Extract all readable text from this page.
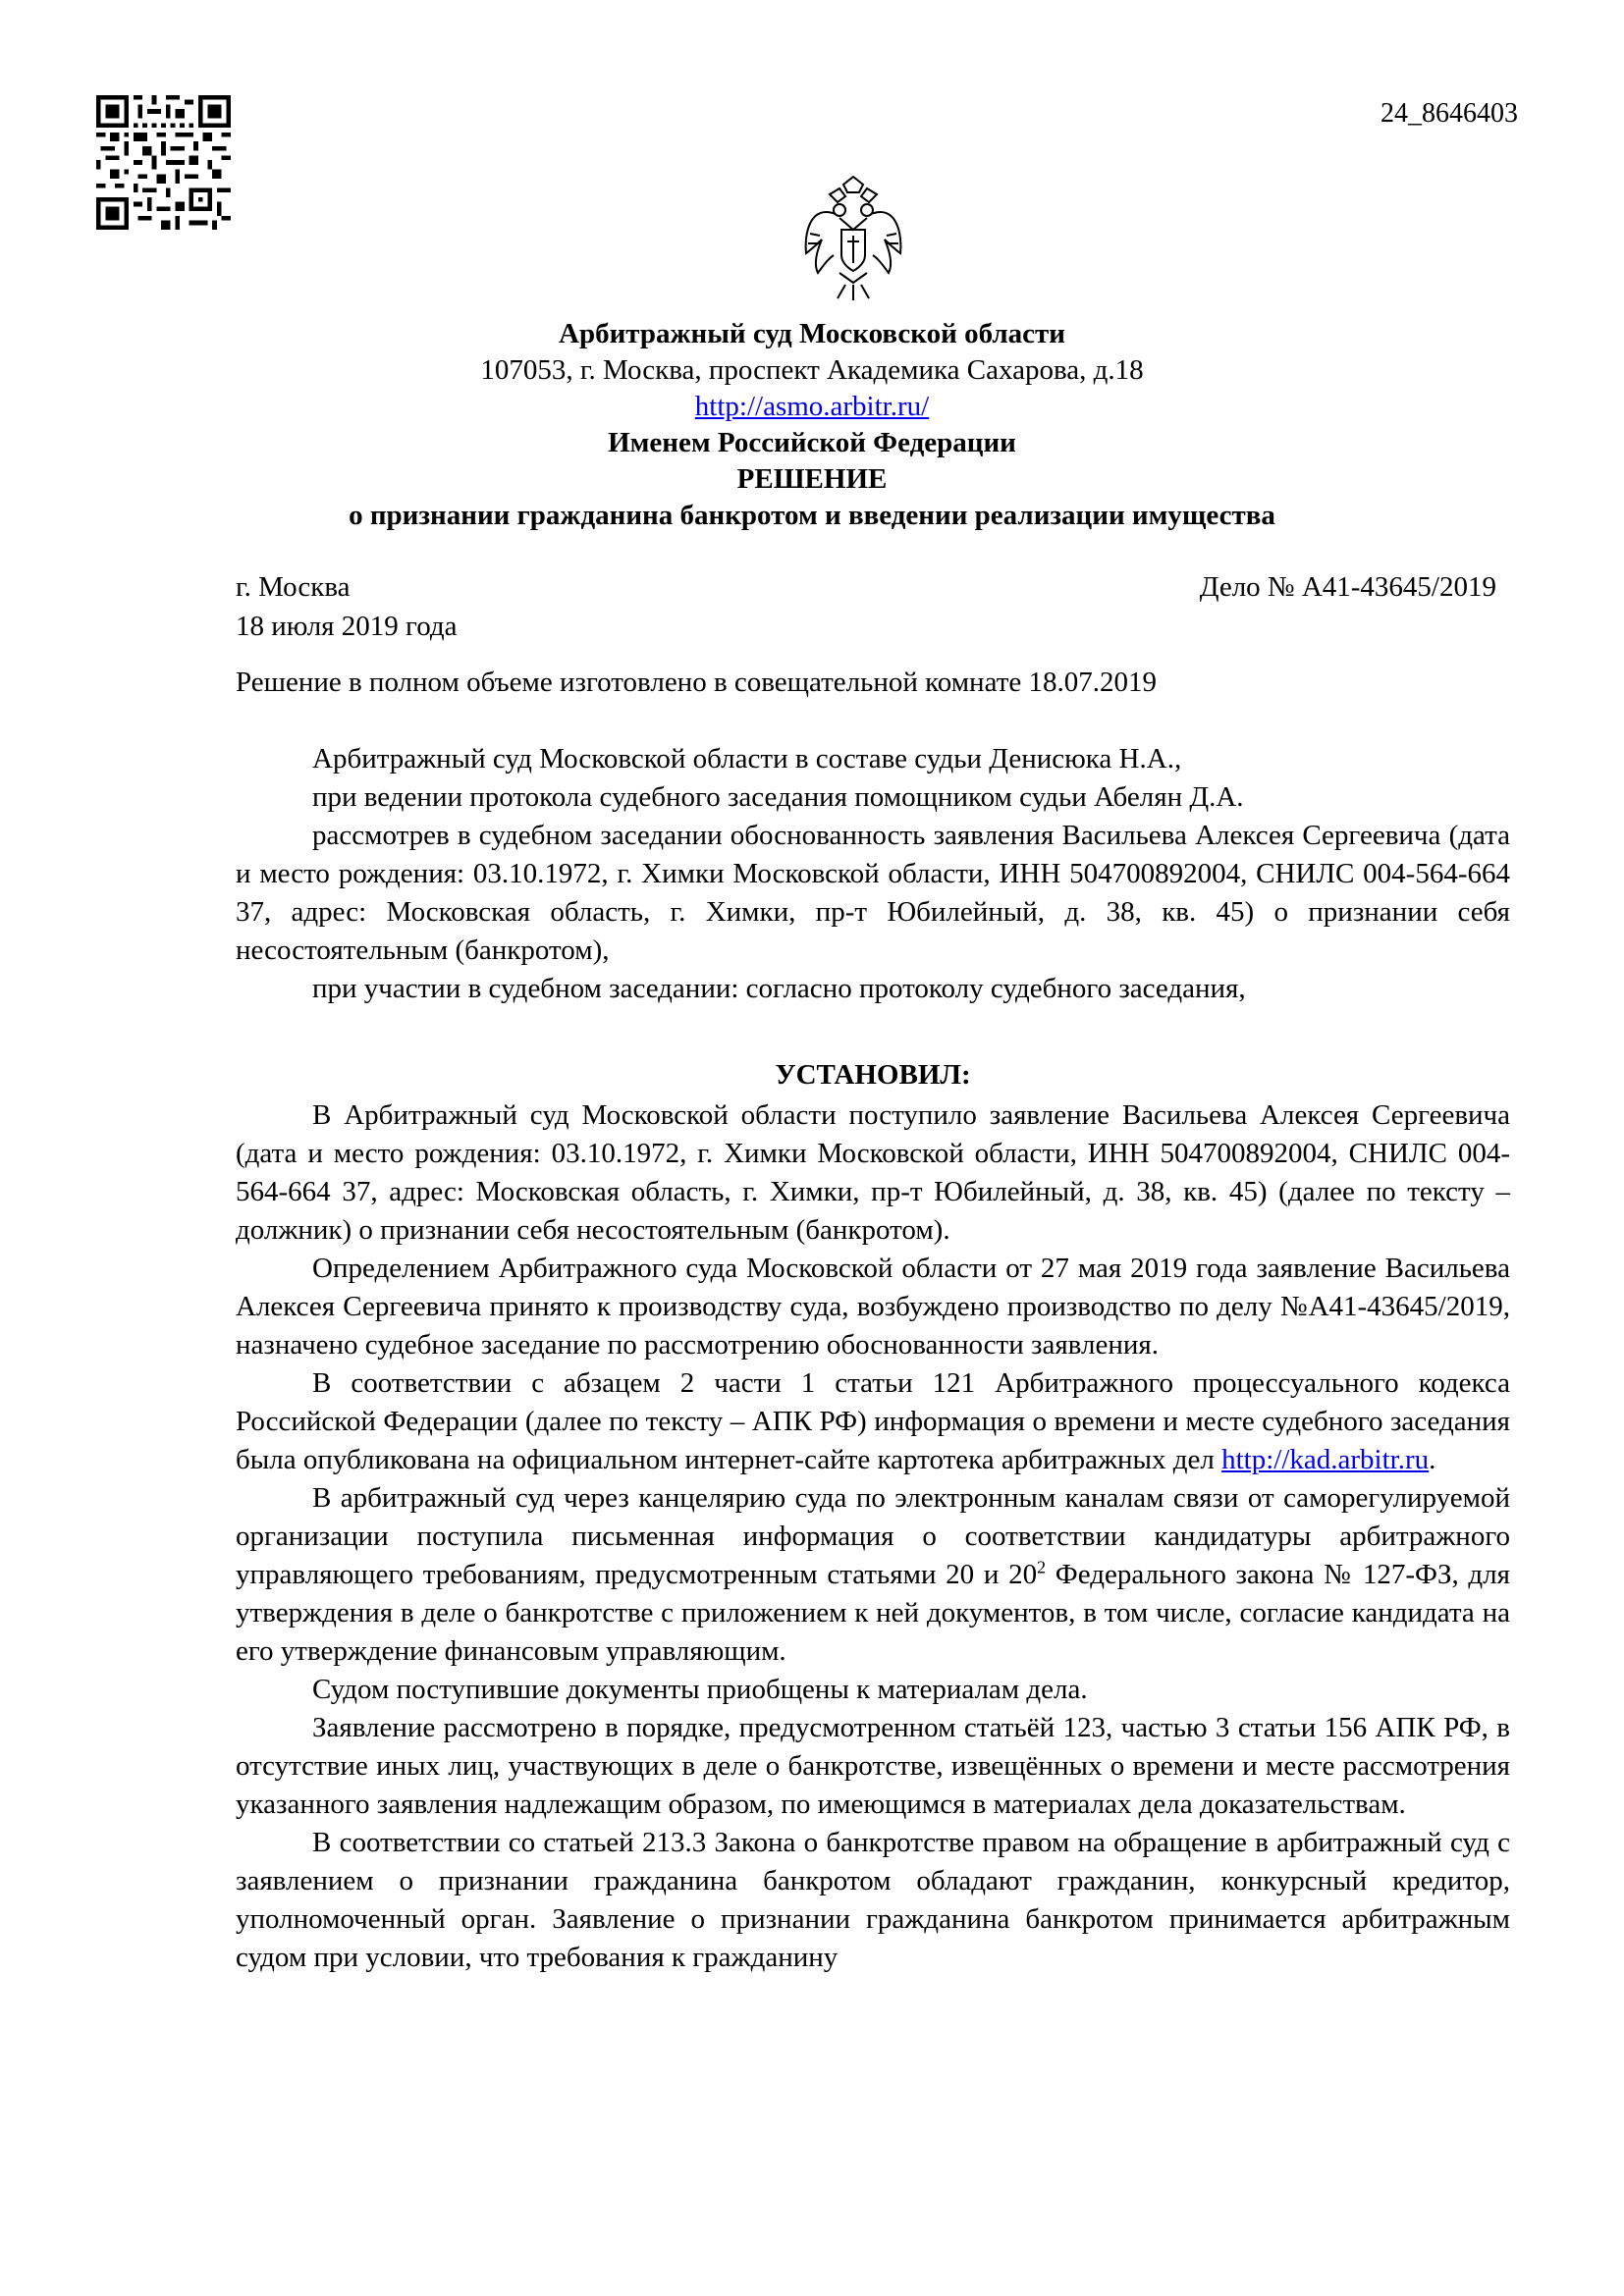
24_8646403
Арбитражный суд Московской области
107053, г. Москва, проспект Академика Сахарова, д.18
http://asmo.arbitr.ru/
Именем Российской Федерации
РЕШЕНИЕ
о признании гражданина банкротом и введении реализации имущества
г. Москва	Дело № А41-43645/2019
18 июля 2019 года

Решение в полном объеме изготовлено в совещательной комнате 18.07.2019

Арбитражный суд Московской области в составе судьи Денисюка Н.А.,

при ведении протокола судебного заседания помощником судьи Абелян Д.А.

рассмотрев в судебном заседании обоснованность заявления Васильева Алексея Сергеевича (дата и место рождения: 03.10.1972, г. Химки Московской области, ИНН 504700892004, СНИЛС 004-564-664 37, адрес: Московская область, г. Химки, пр-т Юбилейный, д. 38, кв. 45) о признании себя несостоятельным (банкротом),

при участии в судебном заседании: согласно протоколу судебного заседания,

УСТАНОВИЛ:

В Арбитражный суд Московской области поступило заявление Васильева Алексея Сергеевича (дата и место рождения: 03.10.1972, г. Химки Московской области, ИНН 504700892004, СНИЛС 004-564-664 37, адрес: Московская область, г. Химки, пр-т Юбилейный, д. 38, кв. 45) (далее по тексту – должник) о признании себя несостоятельным (банкротом).

Определением Арбитражного суда Московской области от 27 мая 2019 года заявление Васильева Алексея Сергеевича принято к производству суда, возбуждено производство по делу №А41-43645/2019, назначено судебное заседание по рассмотрению обоснованности заявления.

В соответствии с абзацем 2 части 1 статьи 121 Арбитражного процессуального кодекса Российской Федерации (далее по тексту – АПК РФ) информация о времени и месте судебного заседания была опубликована на официальном интернет-сайте картотека арбитражных дел http://kad.arbitr.ru.

В арбитражный суд через канцелярию суда по электронным каналам связи от саморегулируемой организации поступила письменная информация о соответствии кандидатуры арбитражного управляющего требованиям, предусмотренным статьями 20 и $20^2$ Федерального закона № 127-ФЗ, для утверждения в деле о банкротстве с приложением к ней документов, в том числе, согласие кандидата на его утверждение финансовым управляющим.

Судом поступившие документы приобщены к материалам дела.

Заявление рассмотрено в порядке, предусмотренном статьёй 123, частью 3 статьи 156 АПК РФ, в отсутствие иных лиц, участвующих в деле о банкротстве, извещённых о времени и месте рассмотрения указанного заявления надлежащим образом, по имеющимся в материалах дела доказательствам.

В соответствии со статьей 213.3 Закона о банкротстве правом на обращение в арбитражный суд с заявлением о признании гражданина банкротом обладают гражданин, конкурсный кредитор, уполномоченный орган. Заявление о признании гражданина банкротом принимается арбитражным судом при условии, что требования к гражданину
